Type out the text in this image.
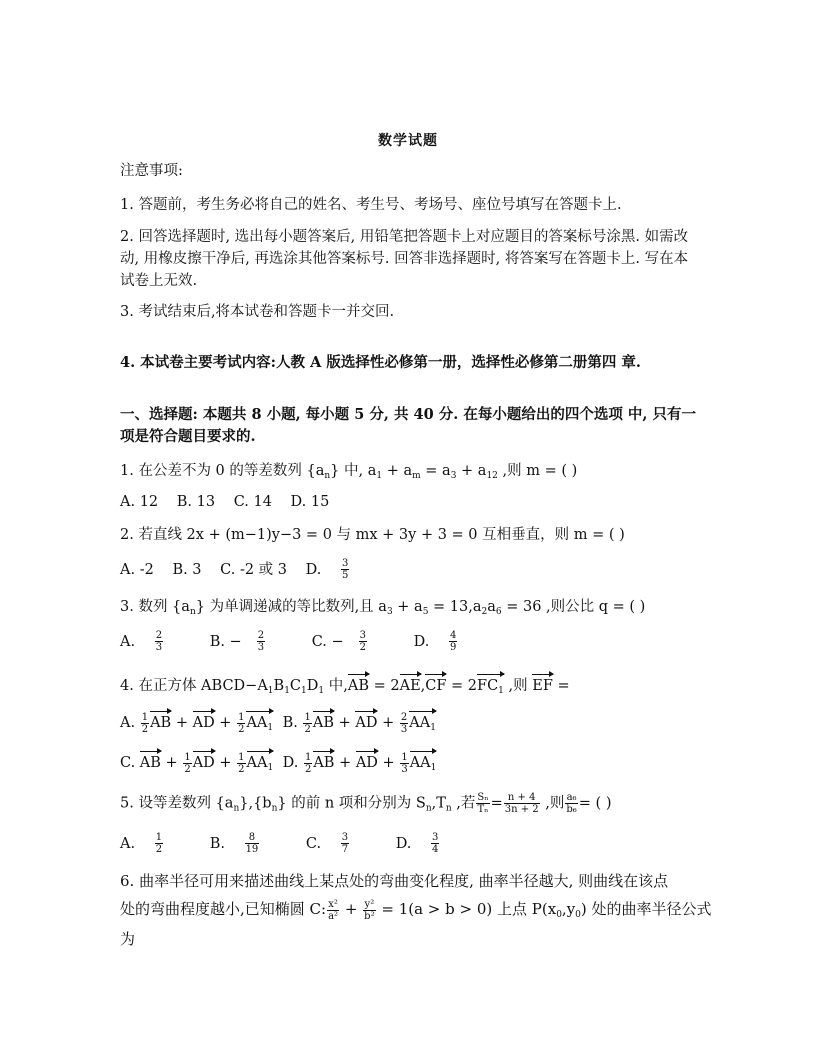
数学试题
注意事项:
1. 答题前，考生务必将自己的姓名、考生号、考场号、座位号填写在答题卡上.
2. 回答选择题时, 选出每小题答案后, 用铅笔把答题卡上对应题目的答案标号涂黑. 如需改动, 用橡皮擦干净后, 再选涂其他答案标号. 回答非选择题时, 将答案写在答题卡上. 写在本试卷上无效.
3. 考试结束后,将本试卷和答题卡一并交回.
4. 本试卷主要考试内容:人教 A 版选择性必修第一册，选择性必修第二册第四 章.
一、选择题: 本题共 8 小题, 每小题 5 分, 共 40 分. 在每小题给出的四个选项 中, 只有一项是符合题目要求的.
1. 在公差不为 0 的等差数列 $\{a_n\}$ 中, $a_1 + a_m = a_3 + a_{12}$ ,则 m = ( )
A. 12 B. 13 C. 14 D. 15
2. 若直线 2x + (m−1)y−3 = 0 与 mx + 3y + 3 = 0 互相垂直，则 m = ( )
A. -2 B. 3 C. -2 或 3 D. $\frac{3}{5}$
3. 数列 $\{a_n\}$ 为单调递减的等比数列,且 $a_3 + a_5 = 13,a_2a_6 = 36$ ,则公比 q = ( )
A. $\frac{2}{3} B$. − $\frac{2}{3} C$. − $\frac{3}{2} D$. $\frac{4}{9}$
4. 在正方体 $ABCD-A_1B_1C_1D_1$ 中$,AB = 2AE,CF = 2FC_1$ ,则 EF =
A. $\frac{1}{2}$ AB + AD + $\frac{1}{2} AA_1$ B. $\frac{1}{2}$ AB + AD + $\frac{2}{3} AA_1$
C. AB + $\frac{1}{2}$ AD + $\frac{1}{2} AA_1$ D. $\frac{1}{2}$ AB + AD + $\frac{1}{3} AA_1$
5. 设等差数列 $\{a_n\},\{b_n\}$ 的前 n 项和分别为 $S_n,T_n$ ,若 $\frac{\text{Sₙ}}{\text{Tₙ}} = \frac{n + 4}{3n + 2}$ ,则 $\frac{\text{a₆}}{\text{b₆}}$ = ( )
A. $\frac{1}{2} B$. $\frac{8}{19} C$. $\frac{3}{7} D$. $\frac{3}{4}$
6. 曲率半径可用来描述曲线上某点处的弯曲变化程度, 曲率半径越大, 则曲线在该点
处的弯曲程度越小,已知椭圆 C: $\frac{\text{x²}}{\text{a²}} + \frac{\text{y²}}{\text{b²}} = 1(a > b > 0)$ 上点 $P(x_0,y_0)$ 处的曲率半径公式
为
